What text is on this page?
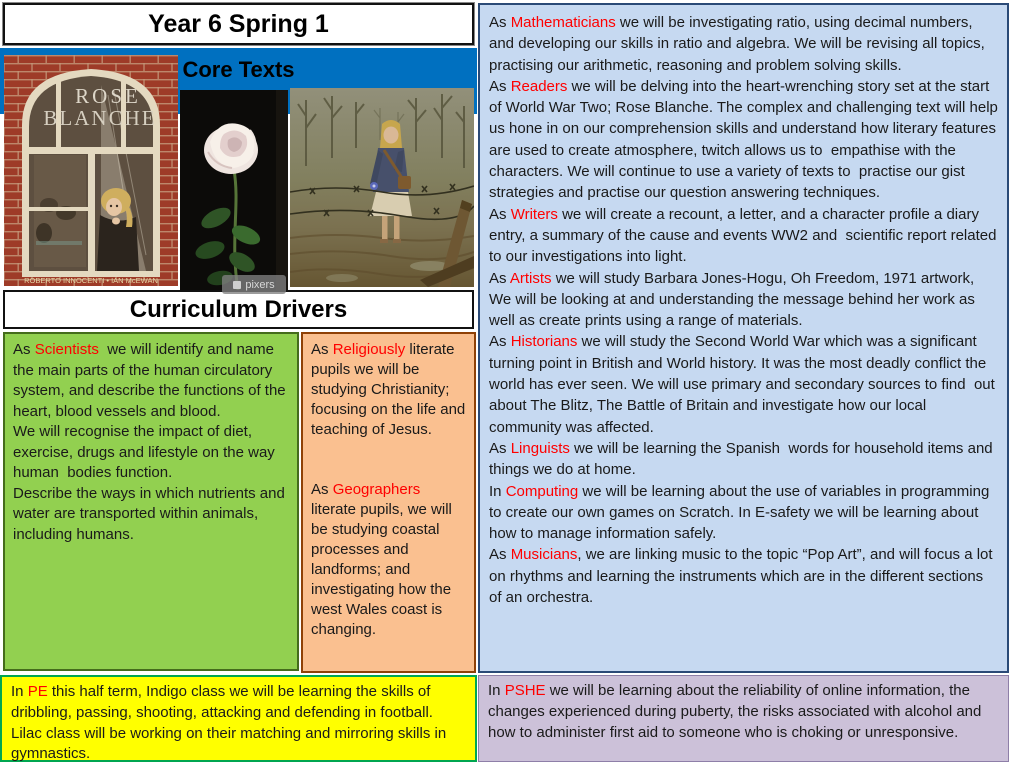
Year 6 Spring 1
Core Texts
ROSE
BLANCHE
ROBERTO INNOCENTI • IAN McEWAN	pixers
Curriculum Drivers

As Scientists  we will identify and name the main parts of the human circulatory system, and describe the functions of the heart, blood vessels and blood.

We will recognise the impact of diet, exercise, drugs and lifestyle on the way human  bodies function.

Describe the ways in which nutrients and water are transported within animals, including humans.

As Religiously literate pupils we will be studying Christianity; focusing on the life and teaching of Jesus.

As Geographers literate pupils, we will be studying coastal processes and landforms; and investigating how the west Wales coast is changing.

In PE this half term, Indigo class we will be learning the skills of dribbling, passing, shooting, attacking and defending in football.  Lilac class will be working on their matching and mirroring skills in gymnastics.

As Mathematicians we will be investigating ratio, using decimal numbers, and developing our skills in ratio and algebra. We will be revising all topics, practising our arithmetic, reasoning and problem solving skills.

As Readers we will be delving into the heart-wrenching story set at the start of World War Two; Rose Blanche. The complex and challenging text will help us hone in on our comprehension skills and understand how literary features are used to create atmosphere, twitch allows us to  empathise with the characters. We will continue to use a variety of texts to  practise our gist strategies and practise our question answering techniques.

As Writers we will create a recount, a letter, and a character profile a diary entry, a summary of the cause and events WW2 and  scientific report related to our investigations into light.

As Artists we will study Barbara Jones-Hogu, Oh Freedom, 1971 artwork, We will be looking at and understanding the message behind her work as well as create prints using a range of materials.

As Historians we will study the Second World War which was a significant turning point in British and World history. It was the most deadly conflict the world has ever seen. We will use primary and secondary sources to find  out about The Blitz, The Battle of Britain and investigate how our local community was affected.

As Linguists we will be learning the Spanish  words for household items and things we do at home.

In Computing we will be learning about the use of variables in programming to create our own games on Scratch. In E-safety we will be learning about how to manage information safely.

As Musicians, we are linking music to the topic “Pop Art”, and will focus a lot on rhythms and learning the instruments which are in the different sections of an orchestra.

In PSHE we will be learning about the reliability of online information, the changes experienced during puberty, the risks associated with alcohol and how to administer first aid to someone who is choking or unresponsive.
